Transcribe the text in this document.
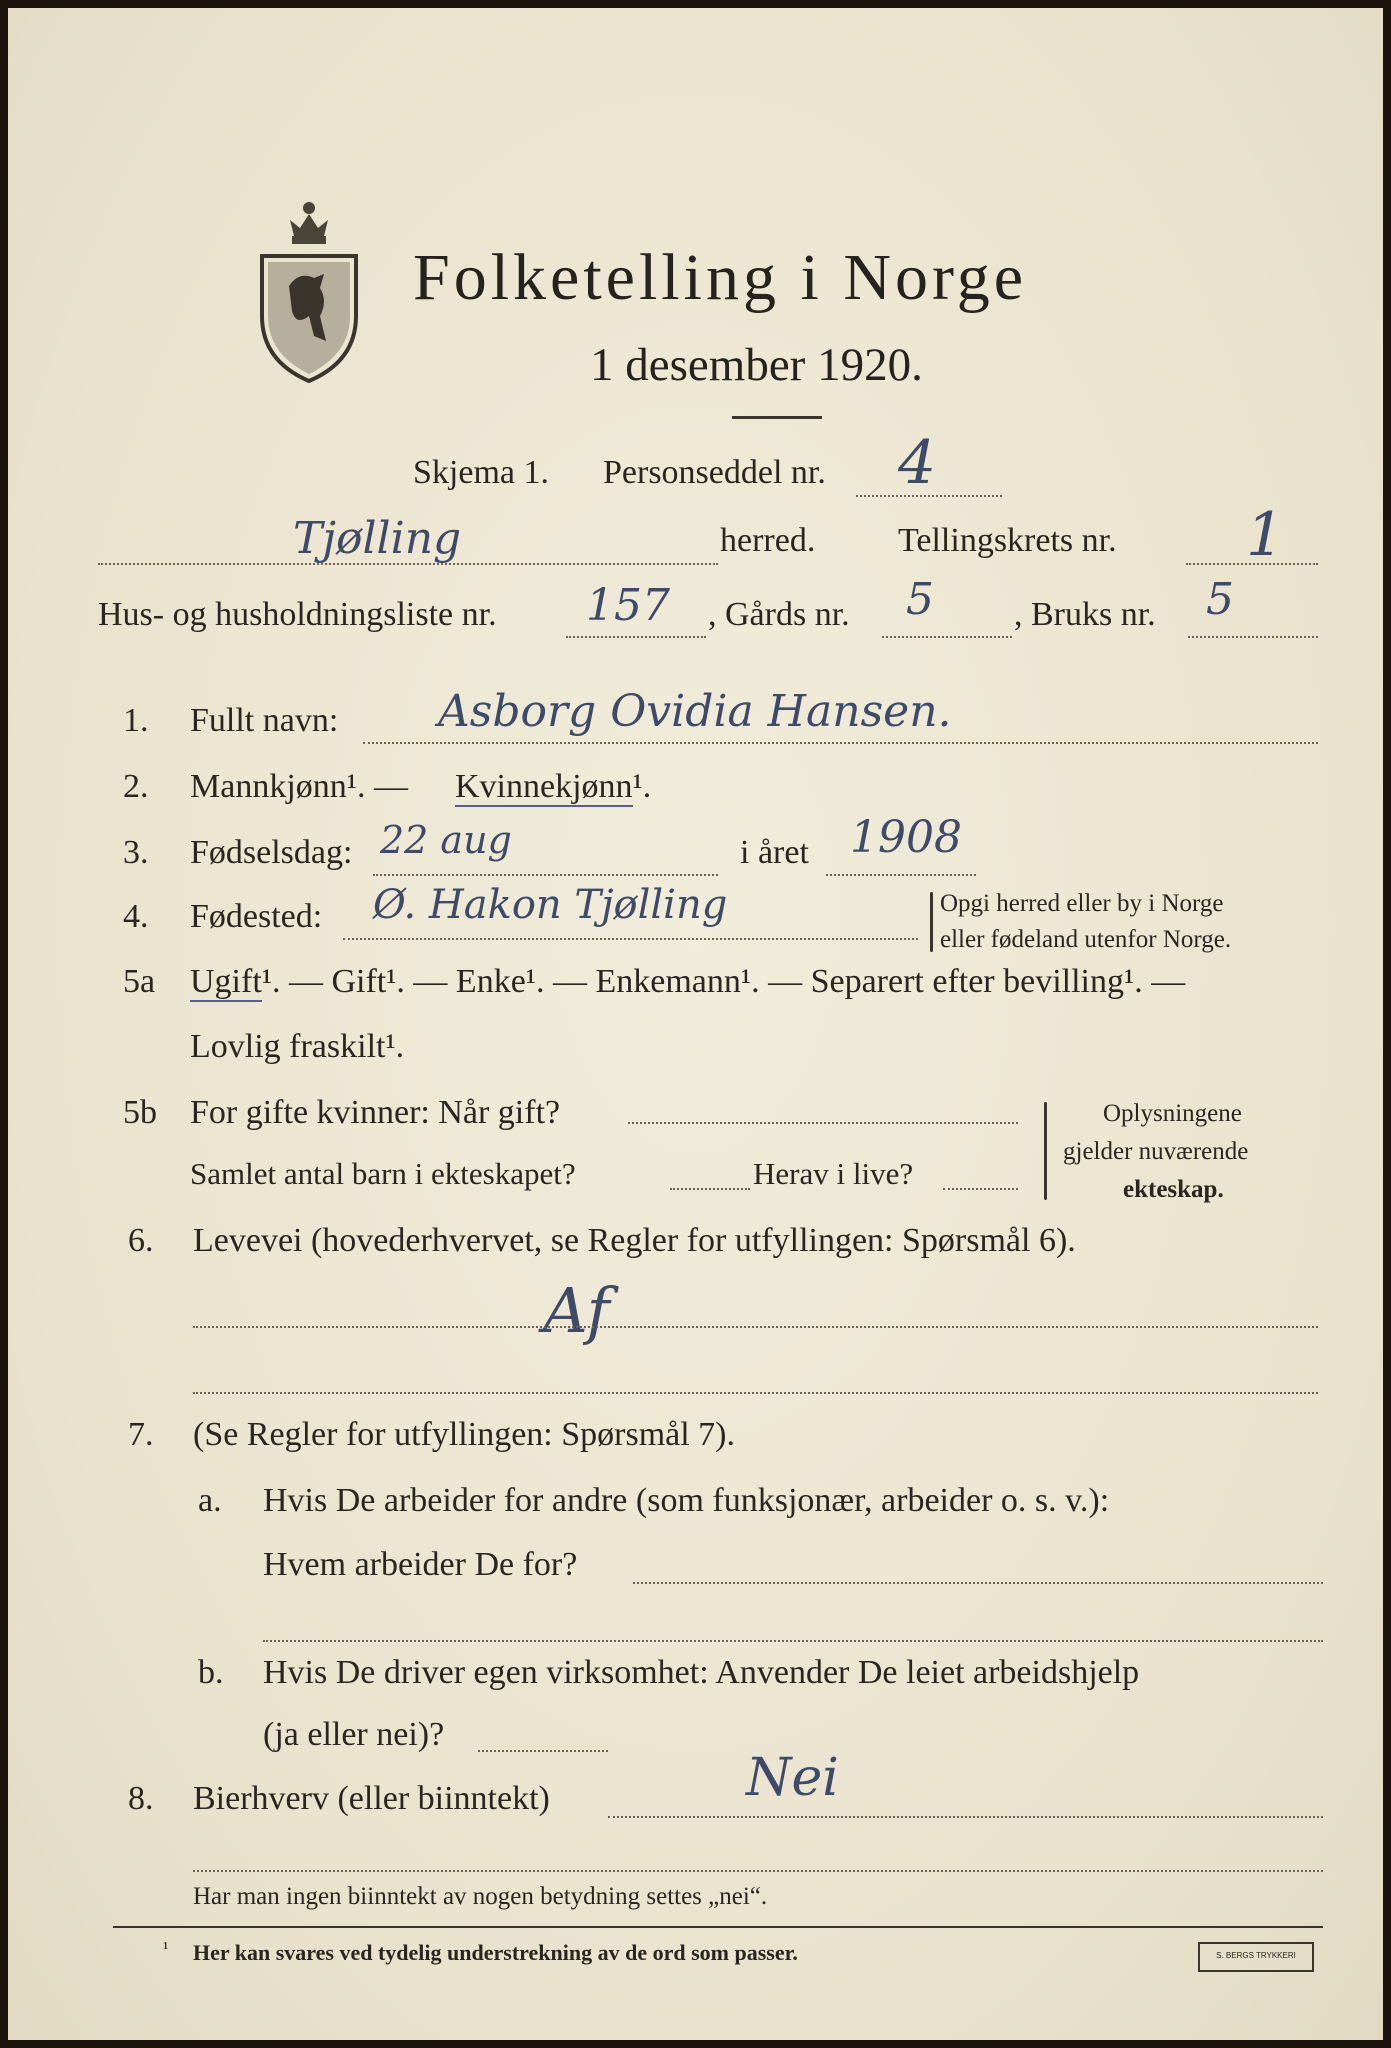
Folketelling i Norge
1 desember 1920.
Skjema 1. Personseddel nr. 4
Tjølling	herred. Tellingskrets nr. 1
Hus- og husholdningsliste nr. 157 , Gårds nr. 5 , Bruks nr. 5
1. Fullt navn: Asborg Ovidia Hansen.
2. Mannkjønn¹. — Kvinnekjønn¹.
3. Fødselsdag: 22 aug	i året 1908
4. Fødested: Ø. Hakon Tjølling	Opgi herred eller by i Norge
eller fødeland utenfor Norge.
5a Ugift¹. — Gift¹. — Enke¹. — Enkemann¹. — Separert efter bevilling¹. —
Lovlig fraskilt¹.
5b For gifte kvinner: Når gift?
Samlet antal barn i ekteskapet?	Herav i live?
Oplysningene
gjelder nuværende
ekteskap.
6. Levevei (hovederhvervet, se Regler for utfyllingen: Spørsmål 6).
Af
7. (Se Regler for utfyllingen: Spørsmål 7).
a. Hvis De arbeider for andre (som funksjonær, arbeider o. s. v.):
Hvem arbeider De for?
b. Hvis De driver egen virksomhet: Anvender De leiet arbeidshjelp
(ja eller nei)?
8. Bierhverv (eller biinntekt)	Nei
Har man ingen biinntekt av nogen betydning settes „nei“.
¹ Her kan svares ved tydelig understrekning av de ord som passer.	S. BERGS TRYKKERI
